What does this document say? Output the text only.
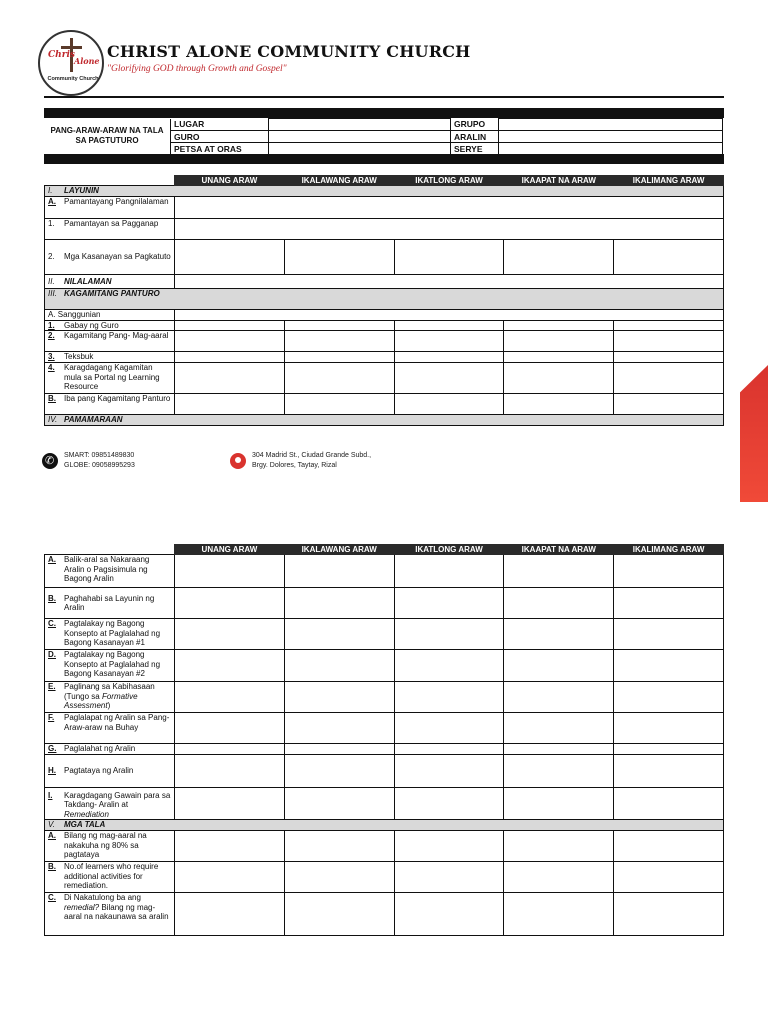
Chris
Alone
Community Church
CHRIST ALONE COMMUNITY CHURCH
"Glorifying GOD through Growth and Gospel"
PANG-ARAW-ARAW NA TALA SA PAGTUTURO
LUGAR		GRUPO	
GURO		ARALIN	
PETSA AT ORAS		SERYE	
	UNANG ARAW	IKALAWANG ARAW	IKATLONG ARAW	IKAAPAT NA ARAW	IKALIMANG ARAW

I. LAYUNIN					

A. Pamantayang Pangnilalaman					

1. Pamantayan sa Pagganap					

2. Mga Kasanayan sa Pagkatuto					

II. NILALAMAN					

III. KAGAMITANG PANTURO					

A. Sanggunian					

1. Gabay ng Guro					

2. Kagamitang Pang- Mag-aaral					

3. Teksbuk					

4. Karagdagang Kagamitan mula sa Portal ng Learning Resource					

B. Iba pang Kagamitang Panturo					

IV. PAMAMARAAN					
✆
SMART: 09851489830
GLOBE: 09058995293
304 Madrid St., Ciudad Grande Subd.,
Brgy. Dolores, Taytay, Rizal
	UNANG ARAW	IKALAWANG ARAW	IKATLONG ARAW	IKAAPAT NA ARAW	IKALIMANG ARAW

A. Balik-aral sa Nakaraang Aralin o Pagsisimula ng Bagong Aralin					

B. Paghahabi sa Layunin ng Aralin					

C. Pagtalakay ng Bagong Konsepto at Paglalahad ng Bagong Kasanayan #1					

D. Pagtalakay ng Bagong Konsepto at Paglalahad ng Bagong Kasanayan #2					

E. Paglinang sa Kabihasaan (Tungo sa Formative Assessment)					

F. Paglalapat ng Aralin sa Pang-Araw-araw na Buhay					

G. Paglalahat ng Aralin					

H. Pagtataya ng Aralin					

I. Karagdagang Gawain para sa Takdang- Aralin at Remediation					

V. MGA TALA					

A. Bilang ng mag-aaral na nakakuha ng 80% sa pagtataya					

B. No.of learners who require additional activities for remediation.					

C. Di Nakatulong ba ang remedial? Bilang ng mag-aaral na nakaunawa sa aralin					
